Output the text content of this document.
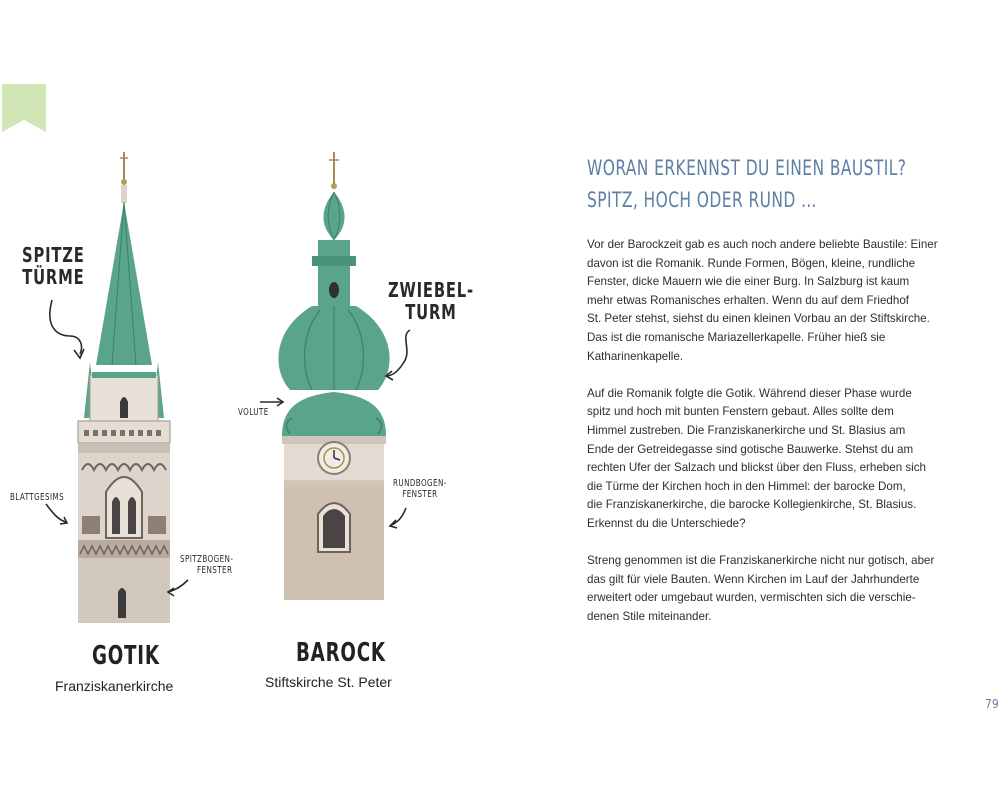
SPITZE
TÜRME
BLATTGESIMS
SPITZBOGEN-
FENSTER
ZWIEBEL-
TURM
VOLUTE
RUNDBOGEN-
FENSTER
GOTIK
Franziskanerkirche
BAROCK
Stiftskirche St. Peter
WORAN ERKENNST DU EINEN BAUSTIL?
SPITZ, HOCH ODER RUND …

Vor der Barockzeit gab es auch noch andere beliebte Baustile: Einer
davon ist die Romanik. Runde Formen, Bögen, kleine, rundliche
Fenster, dicke Mauern wie die einer Burg. In Salzburg ist kaum
mehr etwas Romanisches erhalten. Wenn du auf dem Friedhof
St. Peter stehst, siehst du einen kleinen Vorbau an der Stiftskirche.
Das ist die romanische Mariazellerkapelle. Früher hieß sie
Katharinenkapelle.

Auf die Romanik folgte die Gotik. Während dieser Phase wurde
spitz und hoch mit bunten Fenstern gebaut. Alles sollte dem
Himmel zustreben. Die Franziskanerkirche und St. Blasius am
Ende der Getreidegasse sind gotische Bauwerke. Stehst du am
rechten Ufer der Salzach und blickst über den Fluss, erheben sich
die Türme der Kirchen hoch in den Himmel: der barocke Dom,
die Franziskanerkirche, die barocke Kollegienkirche, St. Blasius.
Erkennst du die Unterschiede?

Streng genommen ist die Franziskanerkirche nicht nur gotisch, aber
das gilt für viele Bauten. Wenn Kirchen im Lauf der Jahrhunderte
erweitert oder umgebaut wurden, vermischten sich die verschie-
denen Stile miteinander.

79
